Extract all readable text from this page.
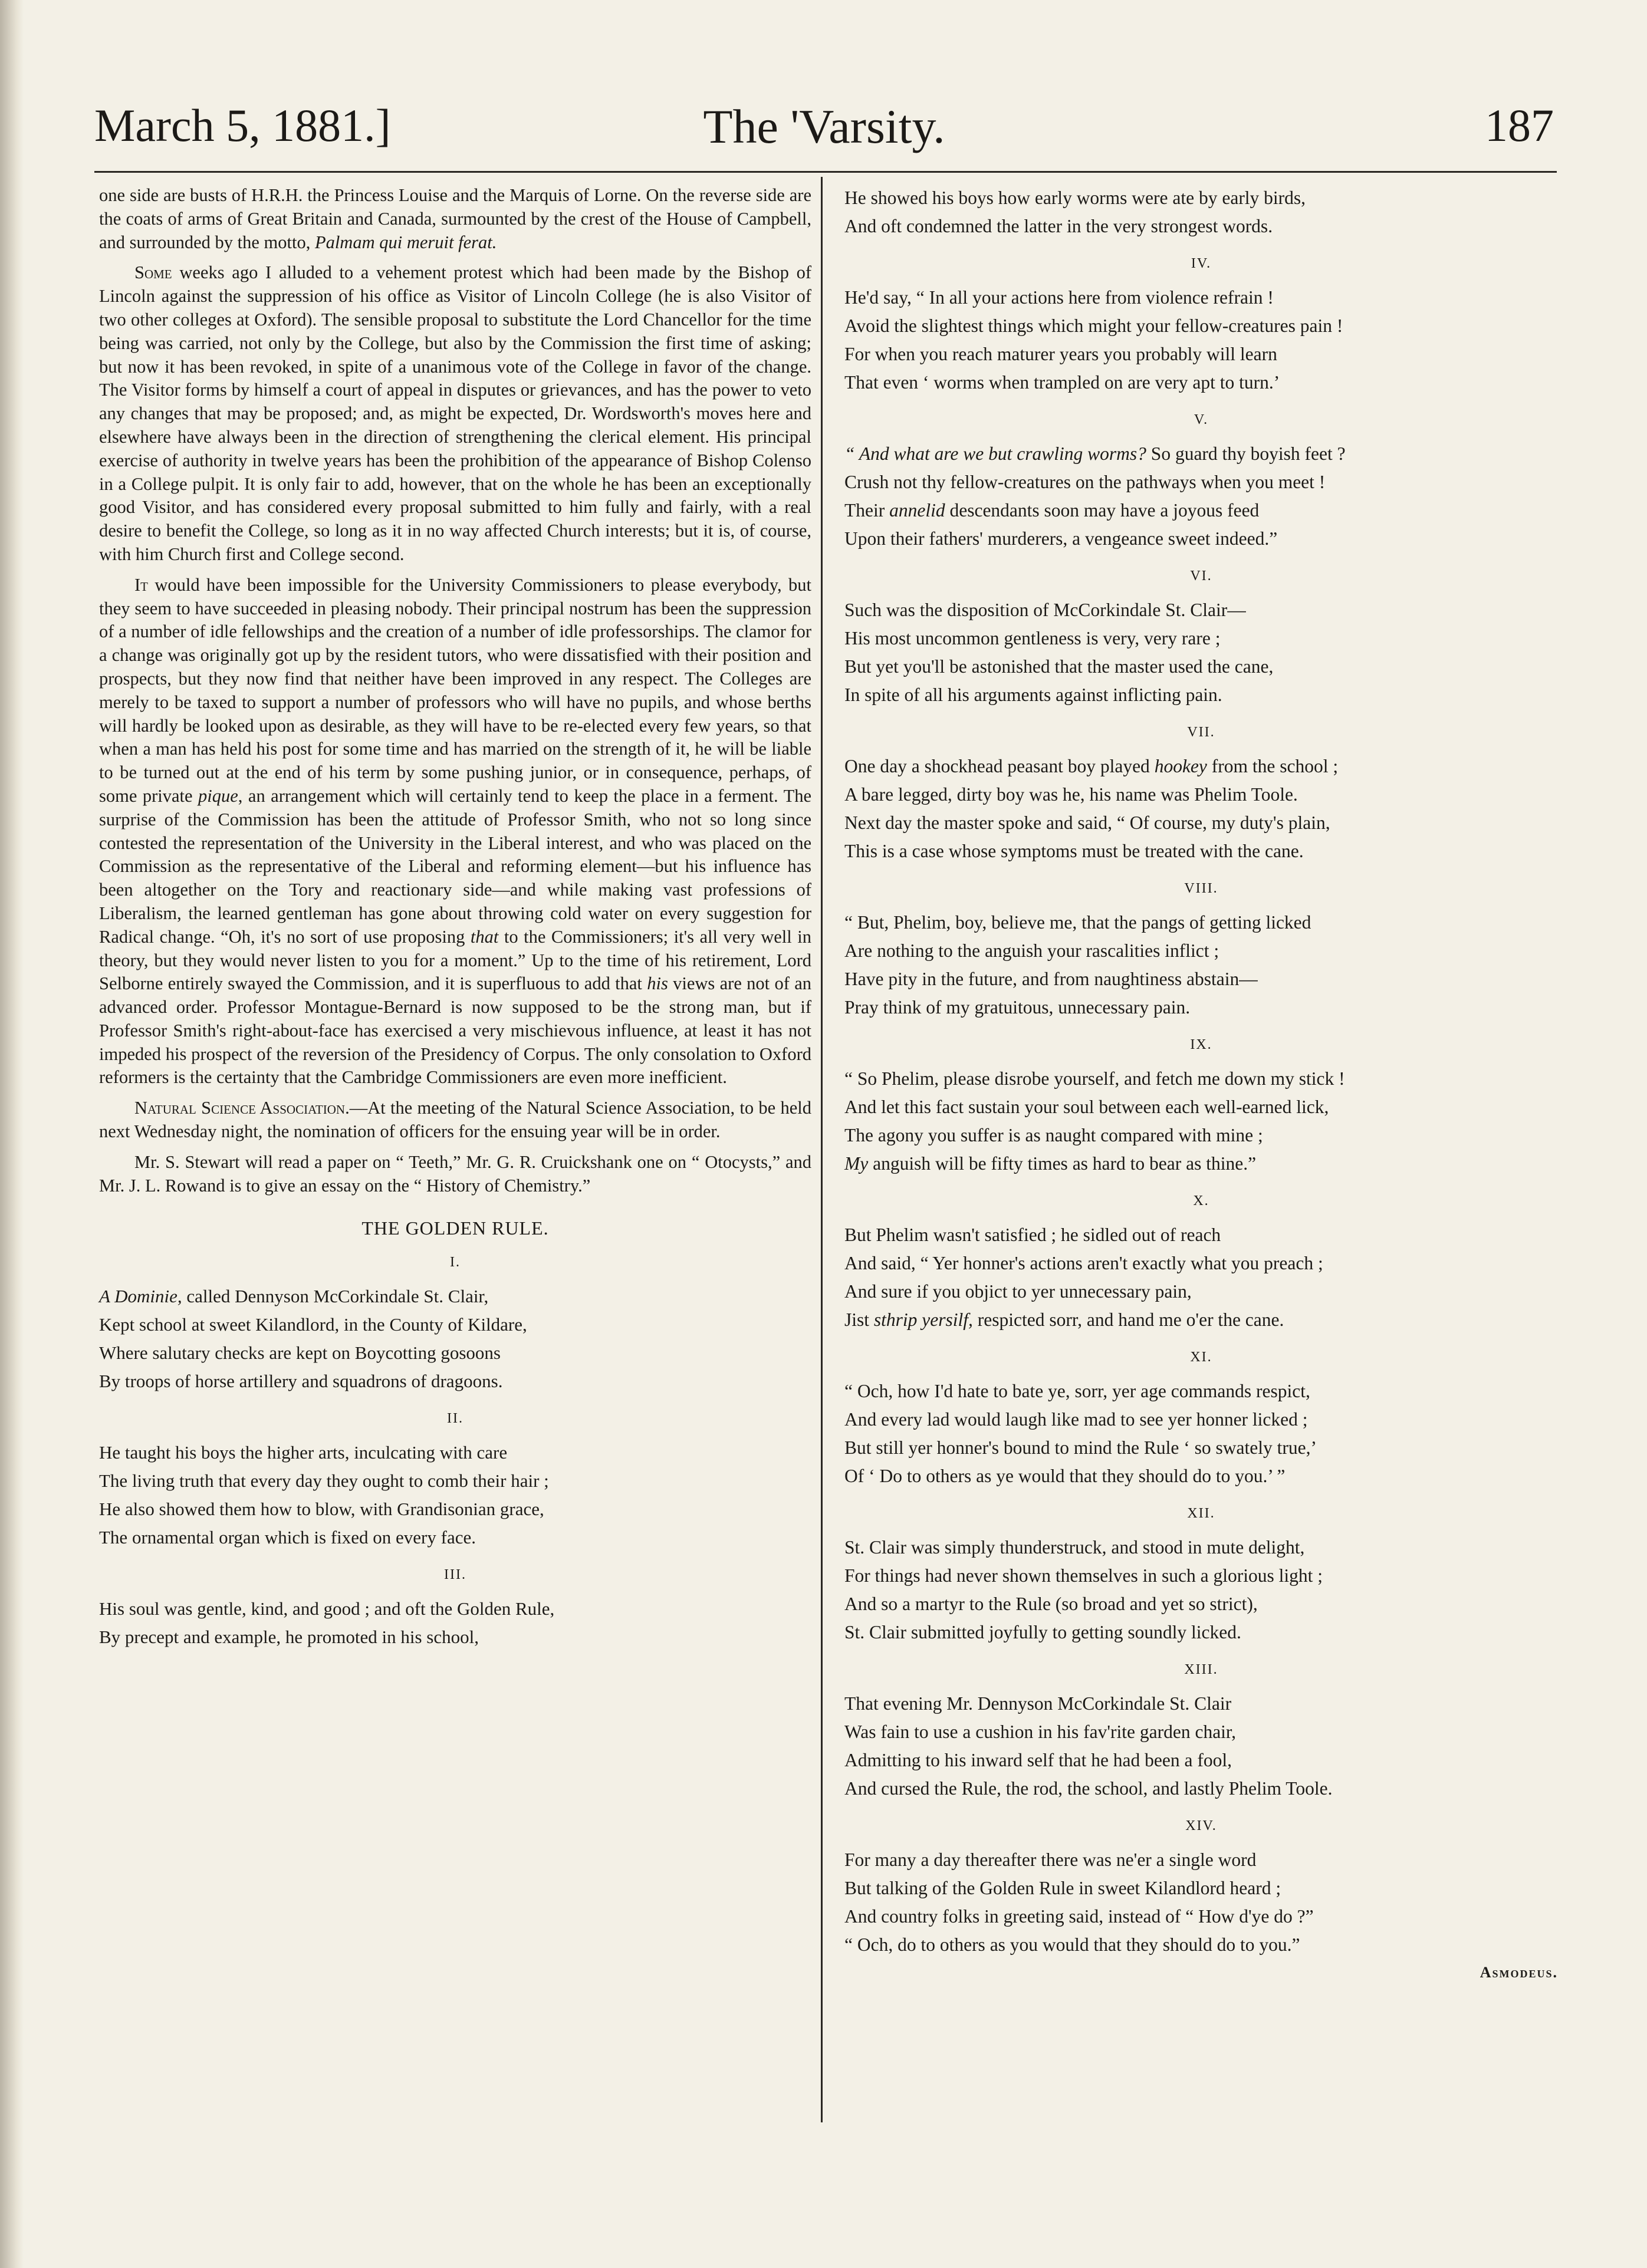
The 'Varsity.
March 5, 1881.]	187

one side are busts of H.R.H. the Princess Louise and the Marquis of Lorne. On the reverse side are the coats of arms of Great Britain and Canada, surmounted by the crest of the House of Campbell, and surrounded by the motto, Palmam qui meruit ferat.

Some weeks ago I alluded to a vehement protest which had been made by the Bishop of Lincoln against the suppression of his office as Visitor of Lincoln College (he is also Visitor of two other colleges at Oxford). The sensible proposal to substitute the Lord Chancellor for the time being was carried, not only by the College, but also by the Commission the first time of asking; but now it has been revoked, in spite of a unanimous vote of the College in favor of the change. The Visitor forms by himself a court of appeal in disputes or grievances, and has the power to veto any changes that may be proposed; and, as might be expected, Dr. Wordsworth's moves here and elsewhere have always been in the direction of strengthening the clerical element. His principal exercise of authority in twelve years has been the prohibition of the appearance of Bishop Colenso in a College pulpit. It is only fair to add, however, that on the whole he has been an exceptionally good Visitor, and has considered every proposal submitted to him fully and fairly, with a real desire to benefit the College, so long as it in no way affected Church interests; but it is, of course, with him Church first and College second.

It would have been impossible for the University Commissioners to please everybody, but they seem to have succeeded in pleasing nobody. Their principal nostrum has been the suppression of a number of idle fellowships and the creation of a number of idle professorships. The clamor for a change was originally got up by the resident tutors, who were dissatisfied with their position and prospects, but they now find that neither have been improved in any respect. The Colleges are merely to be taxed to support a number of professors who will have no pupils, and whose berths will hardly be looked upon as desirable, as they will have to be re-elected every few years, so that when a man has held his post for some time and has married on the strength of it, he will be liable to be turned out at the end of his term by some pushing junior, or in consequence, perhaps, of some private pique, an arrangement which will certainly tend to keep the place in a ferment. The surprise of the Commission has been the attitude of Professor Smith, who not so long since contested the representation of the University in the Liberal interest, and who was placed on the Commission as the representative of the Liberal and reforming element—but his influence has been altogether on the Tory and reactionary side—and while making vast professions of Liberalism, the learned gentleman has gone about throwing cold water on every suggestion for Radical change. “Oh, it's no sort of use proposing that to the Commissioners; it's all very well in theory, but they would never listen to you for a moment.” Up to the time of his retirement, Lord Selborne entirely swayed the Commission, and it is superfluous to add that his views are not of an advanced order. Professor Montague-Bernard is now supposed to be the strong man, but if Professor Smith's right-about-face has exercised a very mischievous influence, at least it has not impeded his prospect of the reversion of the Presidency of Corpus. The only consolation to Oxford reformers is the certainty that the Cambridge Commissioners are even more inefficient.

Natural Science Association.—At the meeting of the Natural Science Association, to be held next Wednesday night, the nomination of officers for the ensuing year will be in order.

Mr. S. Stewart will read a paper on “ Teeth,” Mr. G. R. Cruickshank one on “ Otocysts,” and Mr. J. L. Rowand is to give an essay on the “ History of Chemistry.”

THE GOLDEN RULE.
I.
A Dominie, called Dennyson McCorkindale St. Clair,
Kept school at sweet Kilandlord, in the County of Kildare,
Where salutary checks are kept on Boycotting gosoons
By troops of horse artillery and squadrons of dragoons.
II.
He taught his boys the higher arts, inculcating with care
The living truth that every day they ought to comb their hair ;
He also showed them how to blow, with Grandisonian grace,
The ornamental organ which is fixed on every face.
III.
His soul was gentle, kind, and good ; and oft the Golden Rule,
By precept and example, he promoted in his school,
He showed his boys how early worms were ate by early birds,
And oft condemned the latter in the very strongest words.
IV.
He'd say, “ In all your actions here from violence refrain !
Avoid the slightest things which might your fellow-creatures pain !
For when you reach maturer years you probably will learn
That even ‘ worms when trampled on are very apt to turn.’
V.
“ And what are we but crawling worms? So guard thy boyish feet ?
Crush not thy fellow-creatures on the pathways when you meet !
Their annelid descendants soon may have a joyous feed
Upon their fathers' murderers, a vengeance sweet indeed.”
VI.
Such was the disposition of McCorkindale St. Clair—
His most uncommon gentleness is very, very rare ;
But yet you'll be astonished that the master used the cane,
In spite of all his arguments against inflicting pain.
VII.
One day a shockhead peasant boy played hookey from the school ;
A bare legged, dirty boy was he, his name was Phelim Toole.
Next day the master spoke and said, “ Of course, my duty's plain,
This is a case whose symptoms must be treated with the cane.
VIII.
“ But, Phelim, boy, believe me, that the pangs of getting licked
Are nothing to the anguish your rascalities inflict ;
Have pity in the future, and from naughtiness abstain—
Pray think of my gratuitous, unnecessary pain.
IX.
“ So Phelim, please disrobe yourself, and fetch me down my stick !
And let this fact sustain your soul between each well-earned lick,
The agony you suffer is as naught compared with mine ;
My anguish will be fifty times as hard to bear as thine.”
X.
But Phelim wasn't satisfied ; he sidled out of reach
And said, “ Yer honner's actions aren't exactly what you preach ;
And sure if you objict to yer unnecessary pain,
Jist sthrip yersilf, respicted sorr, and hand me o'er the cane.
XI.
“ Och, how I'd hate to bate ye, sorr, yer age commands respict,
And every lad would laugh like mad to see yer honner licked ;
But still yer honner's bound to mind the Rule ‘ so swately true,’
Of ‘ Do to others as ye would that they should do to you.’ ”
XII.
St. Clair was simply thunderstruck, and stood in mute delight,
For things had never shown themselves in such a glorious light ;
And so a martyr to the Rule (so broad and yet so strict),
St. Clair submitted joyfully to getting soundly licked.
XIII.
That evening Mr. Dennyson McCorkindale St. Clair
Was fain to use a cushion in his fav'rite garden chair,
Admitting to his inward self that he had been a fool,
And cursed the Rule, the rod, the school, and lastly Phelim Toole.
XIV.
For many a day thereafter there was ne'er a single word
But talking of the Golden Rule in sweet Kilandlord heard ;
And country folks in greeting said, instead of “ How d'ye do ?”
“ Och, do to others as you would that they should do to you.”
Asmodeus.
